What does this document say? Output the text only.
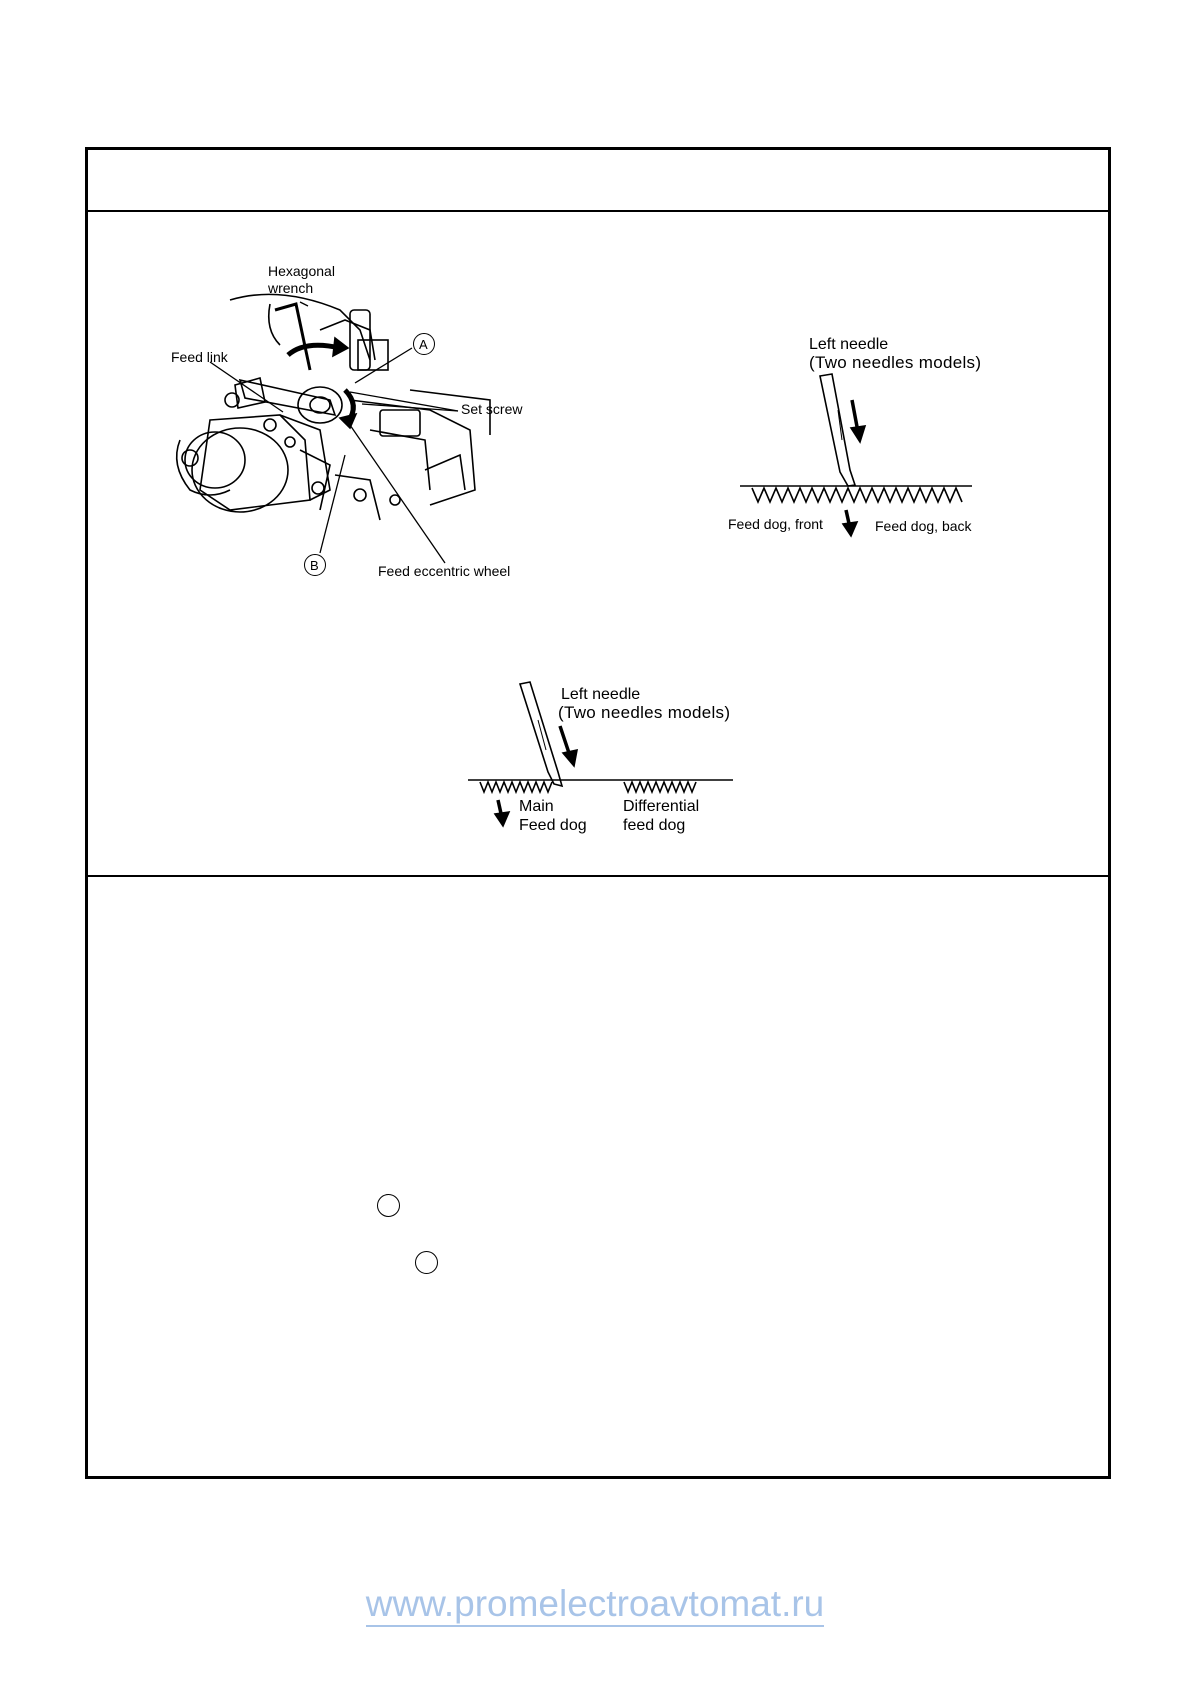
Hexagonal
wrench
Feed link
A
Set screw
B	Feed eccentric wheel
Left needle
(Two needles models)
Feed dog, front	Feed dog, back
Left needle
(Two needles models)
Main
Feed dog
Differential
feed dog
www.promelectroavtomat.ru
